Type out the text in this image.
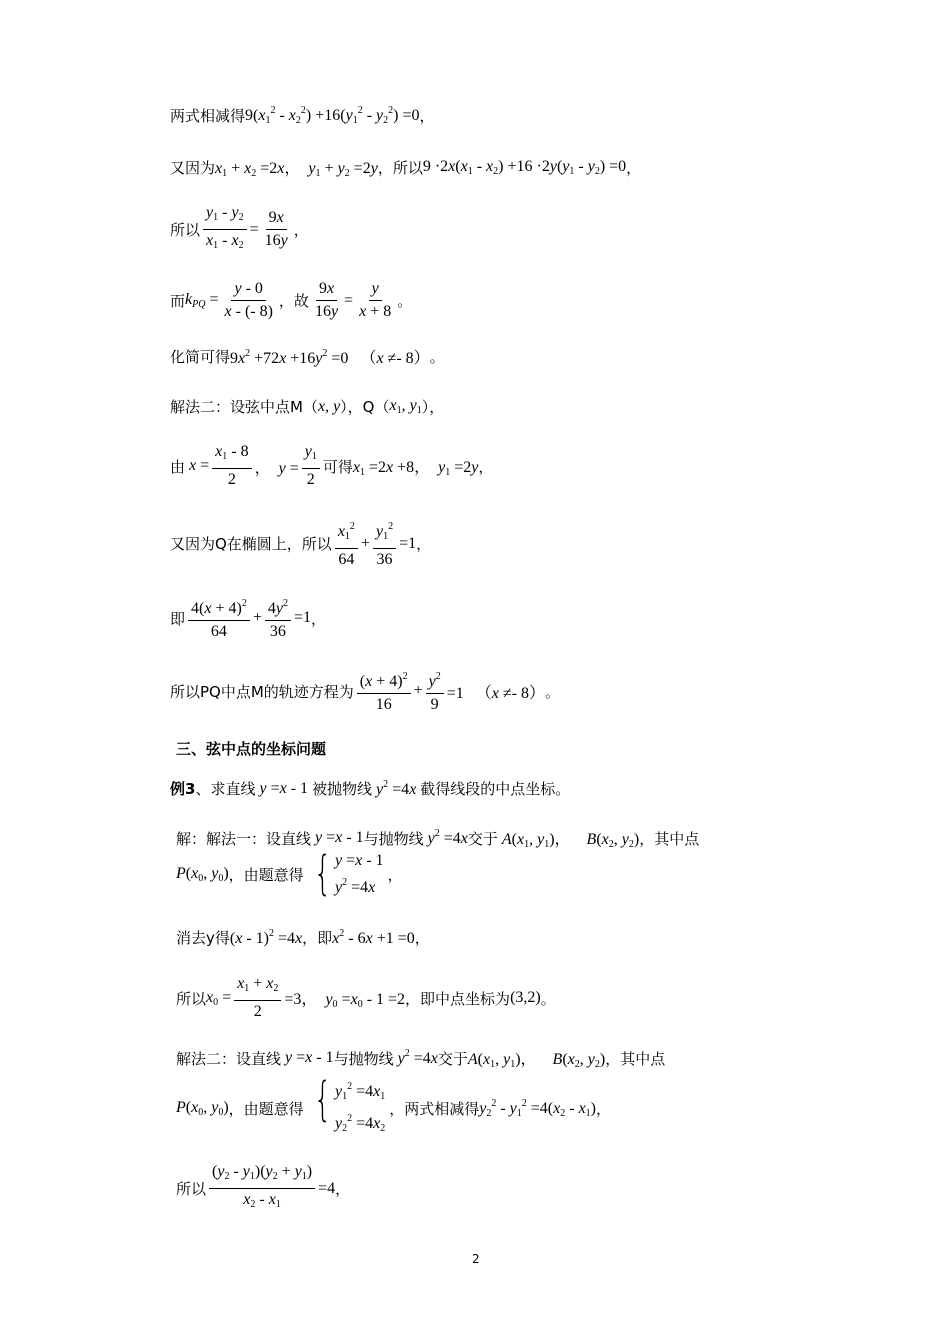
两式相减得 $9(x_1^2 - x_2^2) +16(y_1^2 - y_2^2) =0$ ，
又因为 $x_1 + x_2 =2x$，  $y_1 + y_2 =2y$ ，所以 $9 \cdot 2x(x_1 - x_2) +16 \cdot 2y(y_1 - y_2) =0$ ，
所以 $\frac{y_1 - y_2}{x_1 - x_2} = \frac{9x}{16y}$ ，
而 $k_{PQ} = \frac{y - 0}{x - (- 8)}$ ，故 $\frac{9x}{16y} = \frac{y}{x + 8}$ 。
化简可得 $9x^2 +72x +16y^2 =0$   （x ≠- 8） 。
解法二：设弦中点M（ x, y ），Q（ $x_1$, $y_1$ ），
由 $x = \frac{x_1 - 8}{2}$ ，  $y = \frac{y_1}{2}$ 可得 $x_1 =2x +8$，  $y_1 =2y$ ，
又因为Q在椭圆上，所以 $\frac{x_1^2}{64} + \frac{y_1^2}{36} =1$ ，
即 $\frac{4(x + 4)^2}{64} + \frac{4y^2}{36} =1$ ，
所以PQ中点M的轨迹方程为 $\frac{(x + 4)^2}{16} + \frac{y^2}{9} =1$   （x ≠- 8） 。
三、弦中点的坐标问题
例3 、求直线 y =x - 1 被抛物线 $y^2 =4x$ 截得线段的中点坐标。
解：解法一：设直线 y =x - 1 与抛物线 $y^2 =4x$ 交于 $A(x_1$, $y_1$)，    $B(x_2$, $y_2$) ，其中点
$P(x_0$, $y_0$) ，由题意得 { y =x - 1
$y^2 =4x$
，
消去y得 (x - 1)$^2$ =4x ，即 $x^2 - 6x +1 =0$ ，
所以 $x_0 = \frac{x_1 + x_2}{2} =3$，  $y_0 =x_0 - 1 =2$ ，即中点坐标为 (3,2) 。
解法二：设直线 y =x - 1 与抛物线 $y^2 =4x$ 交于 $A(x_1$, $y_1$)，    $B(x_2$, $y_2$) ，其中点
$P(x_0$, $y_0$) ，由题意得 { $y_1^2 =4x_1$
$y_2^2 =4x_2$
，两式相减得 $y_2^2 - y_1^2 =4(x_2 - x_1)$ ，
所以 $\frac{(y_2 - y_1)(y_2 + y_1)}{x_2 - x_1} =4$ ，
2
